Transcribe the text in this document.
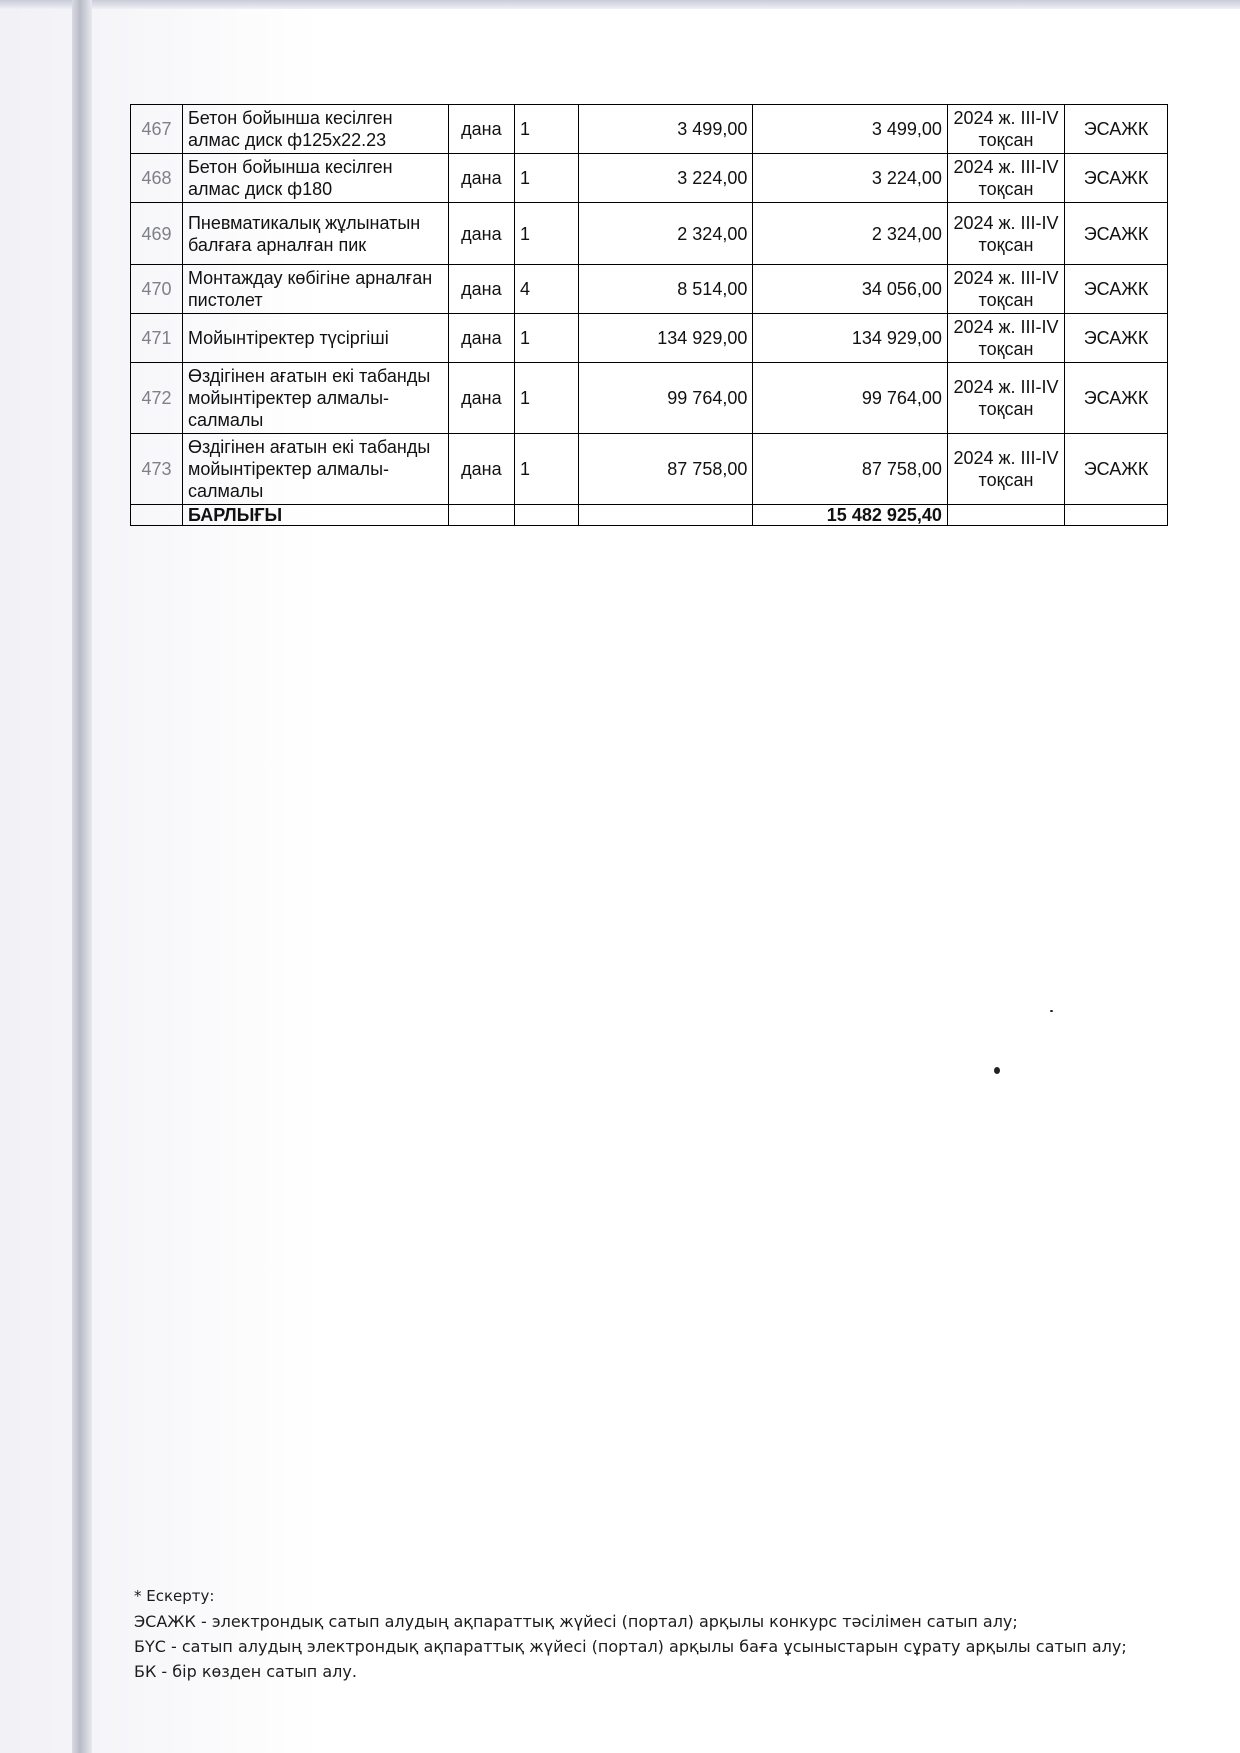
467	Бетон бойынша кесілген алмас диск ф125х22.23	дана	1	3 499,00	3 499,00	2024 ж. III-IV тоқсан	ЭСАЖК
468	Бетон бойынша кесілген алмас диск ф180	дана	1	3 224,00	3 224,00	2024 ж. III-IV тоқсан	ЭСАЖК
469	Пневматикалық жұлынатын балғаға арналған пик	дана	1	2 324,00	2 324,00	2024 ж. III-IV тоқсан	ЭСАЖК
470	Монтаждау көбігіне арналған пистолет	дана	4	8 514,00	34 056,00	2024 ж. III-IV тоқсан	ЭСАЖК
471	Мойынтіректер түсіргіші	дана	1	134 929,00	134 929,00	2024 ж. III-IV тоқсан	ЭСАЖК
472	Өздігінен ағатын екі табанды мойынтіректер алмалы-салмалы	дана	1	99 764,00	99 764,00	2024 ж. III-IV тоқсан	ЭСАЖК
473	Өздігінен ағатын екі табанды мойынтіректер алмалы-салмалы	дана	1	87 758,00	87 758,00	2024 ж. III-IV тоқсан	ЭСАЖК
	БАРЛЫҒЫ				15 482 925,40		
* Ескерту:
ЭСАЖК - электрондық сатып алудың ақпараттық жүйесі (портал) арқылы конкурс тәсілімен сатып алу;
БҮС - сатып алудың электрондық ақпараттық жүйесі (портал) арқылы баға ұсыныстарын сұрату арқылы сатып алу;
БК - бір көзден сатып алу.
